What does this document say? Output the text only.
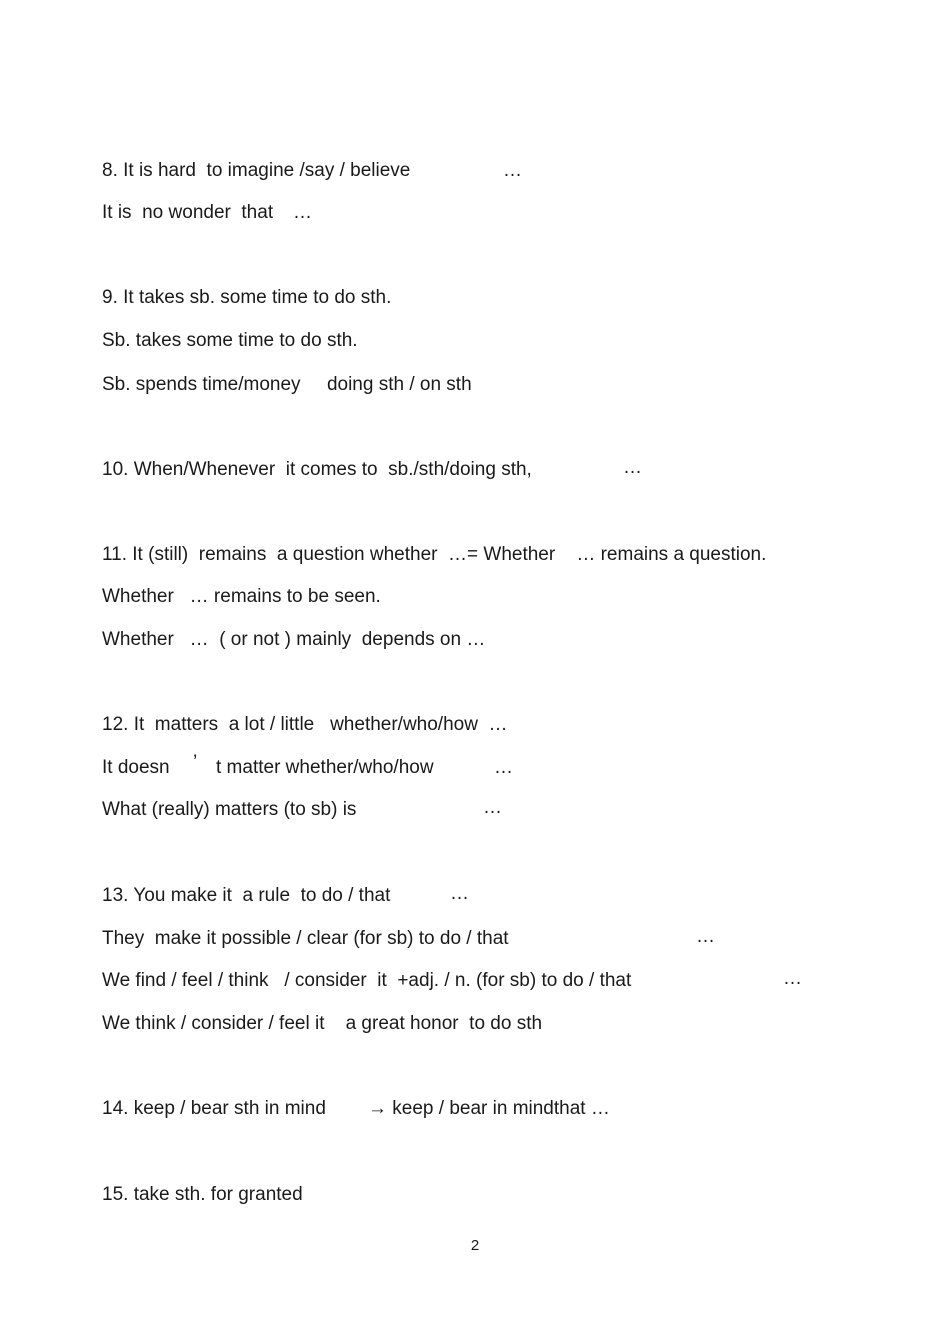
8. It is hard  to imagine /say / believe	…
It is  no wonder  that …
9. It takes sb. some time to do sth.
Sb. takes some time to do sth.
Sb. spends time/money     doing sth / on sth
10. When/Whenever  it comes to  sb./sth/doing sth,	…
11. It (still)  remains  a question whether  …= Whether    … remains a question.
Whether   … remains to be seen.
Whether   …  ( or not ) mainly  depends on …
12. It  matters  a lot / little   whether/who/how  …
It doesn ’ t matter whether/who/how	…
What (really) matters (to sb) is	…
13. You make it  a rule  to do / that	…
They  make it possible / clear (for sb) to do / that	…
We find / feel / think   / consider  it  +adj. / n. (for sb) to do / that	…
We think / consider / feel it    a great honor  to do sth
14. keep / bear sth in mind → keep / bear in mindthat …
15. take sth. for granted
2
